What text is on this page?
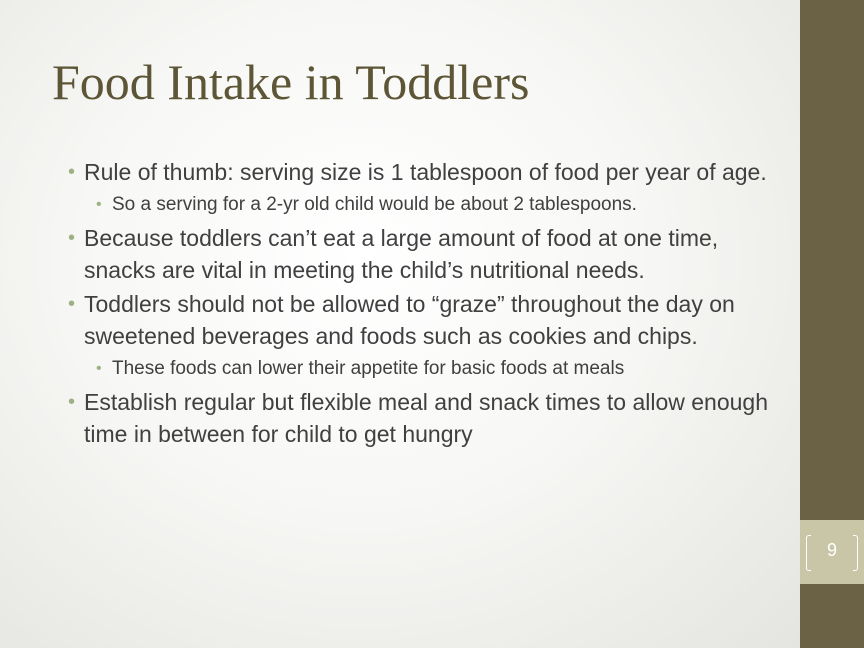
Food Intake in Toddlers
• Rule of thumb: serving size is 1 tablespoon of food per year of age.
• So a serving for a 2-yr old child would be about 2 tablespoons.
• Because toddlers can’t eat a large amount of food at one time, snacks are vital in meeting the child’s nutritional needs.
• Toddlers should not be allowed to “graze” throughout the day on sweetened beverages and foods such as cookies and chips.
• These foods can lower their appetite for basic foods at meals
• Establish regular but flexible meal and snack times to allow enough time in between for child to get hungry
9
